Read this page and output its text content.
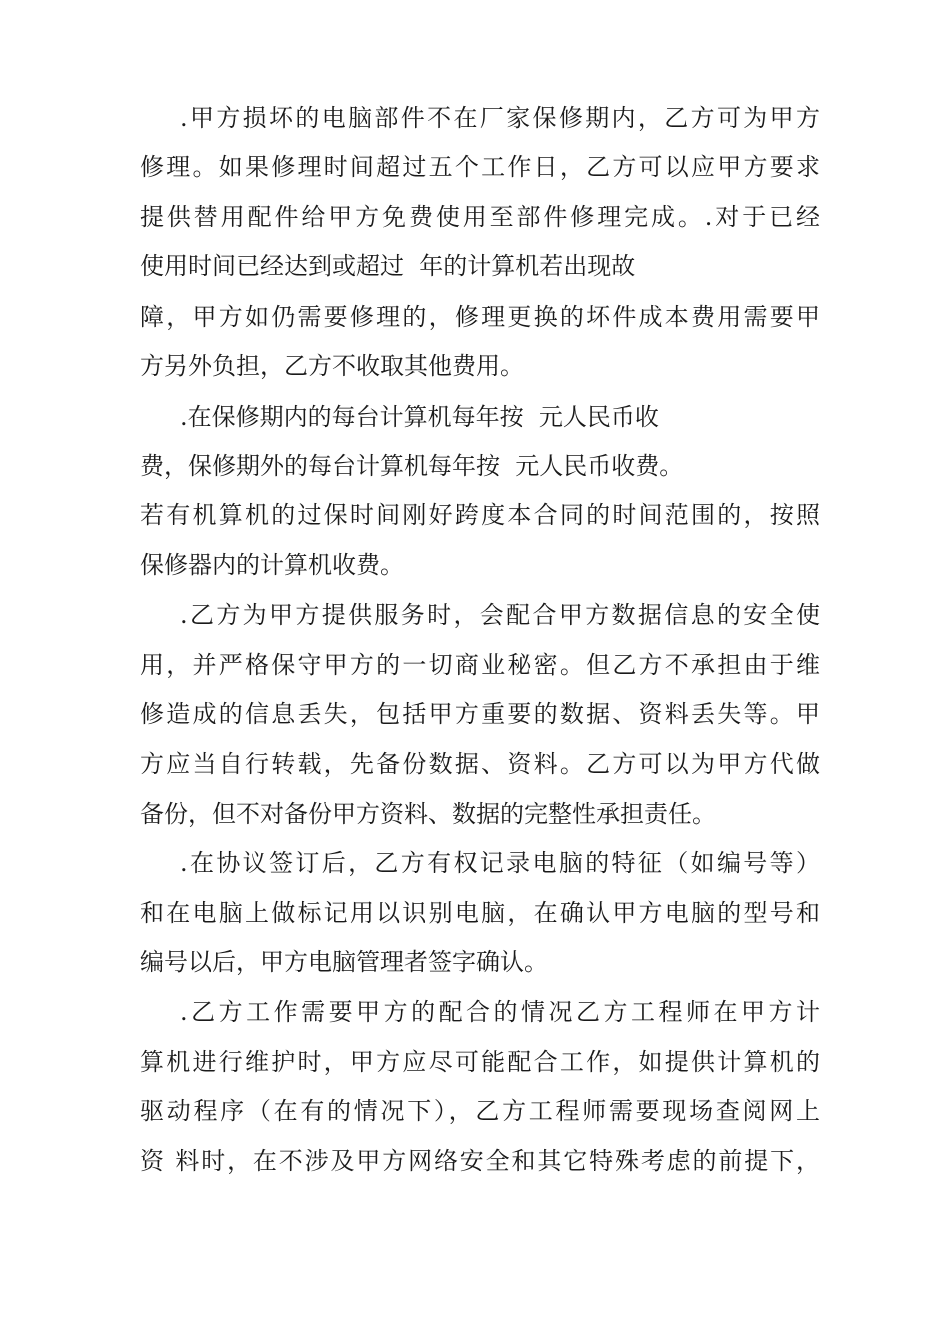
.甲方损坏的电脑部件不在厂家保修期内，乙方可为甲方
修理。如果修理时间超过五个工作日，乙方可以应甲方要求
提供替用配件给甲方免费使用至部件修理完成。.对于已经
使用时间已经达到或超过  年的计算机若出现故
障，甲方如仍需要修理的，修理更换的坏件成本费用需要甲
方另外负担，乙方不收取其他费用。
.在保修期内的每台计算机每年按  元人民币收
费，保修期外的每台计算机每年按  元人民币收费。
若有机算机的过保时间刚好跨度本合同的时间范围的，按照
保修器内的计算机收费。
.乙方为甲方提供服务时，会配合甲方数据信息的安全使
用，并严格保守甲方的一切商业秘密。但乙方不承担由于维
修造成的信息丢失，包括甲方重要的数据、资料丢失等。甲
方应当自行转载，先备份数据、资料。乙方可以为甲方代做
备份，但不对备份甲方资料、数据的完整性承担责任。
.在协议签订后，乙方有权记录电脑的特征（如编号等）
和在电脑上做标记用以识别电脑，在确认甲方电脑的型号和
编号以后，甲方电脑管理者签字确认。
.乙方工作需要甲方的配合的情况乙方工程师在甲方计
算机进行维护时，甲方应尽可能配合工作，如提供计算机的
驱动程序（在有的情况下），乙方工程师需要现场查阅网上
资 料时，在不涉及甲方网络安全和其它特殊考虑的前提下，
